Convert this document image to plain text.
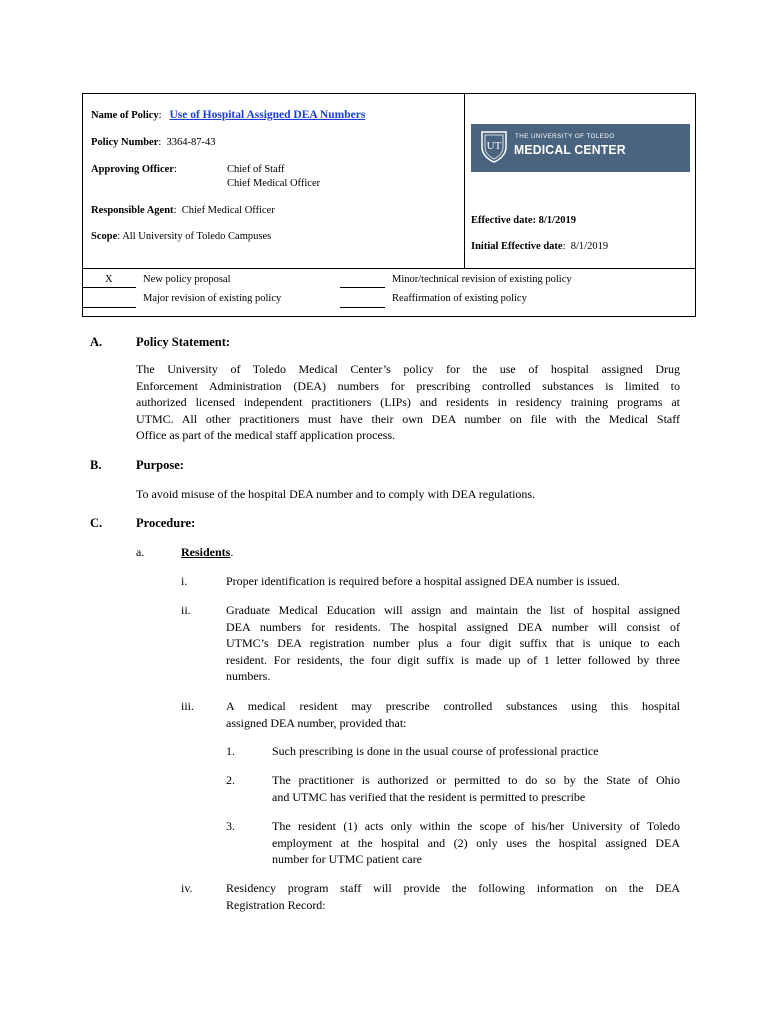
Name of Policy:   Use of Hospital Assigned DEA Numbers
Policy Number:  3364-87-43
Approving Officer:	Chief of Staff
Chief Medical Officer
Responsible Agent:  Chief Medical Officer
Scope: All University of Toledo Campuses
UT
THE UNIVERSITY OF TOLEDO
MEDICAL CENTER
Effective date: 8/1/2019
Initial Effective date:  8/1/2019
X	New policy proposal	Minor/technical revision of existing policy
Major revision of existing policy	Reaffirmation of existing policy
A.	Policy Statement:
The University of Toledo Medical Center’s policy for the use of hospital assigned Drug
Enforcement Administration (DEA) numbers for prescribing controlled substances is limited to
authorized licensed independent practitioners (LIPs) and residents in residency training programs at
UTMC. All other practitioners must have their own DEA number on file with the Medical Staff
Office as part of the medical staff application process.
B.	Purpose:
To avoid misuse of the hospital DEA number and to comply with DEA regulations.
C.	Procedure:
a.	Residents.
i.	Proper identification is required before a hospital assigned DEA number is issued.
ii.	Graduate Medical Education will assign and maintain the list of hospital assigned
DEA numbers for residents. The hospital assigned DEA number will consist of
UTMC’s DEA registration number plus a four digit suffix that is unique to each
resident. For residents, the four digit suffix is made up of 1 letter followed by three
numbers.
iii.	A medical resident may prescribe controlled substances using this hospital
assigned DEA number, provided that:
1.	Such prescribing is done in the usual course of professional practice
2.	The practitioner is authorized or permitted to do so by the State of Ohio
and UTMC has verified that the resident is permitted to prescribe
3.	The resident (1) acts only within the scope of his/her University of Toledo
employment at the hospital and (2) only uses the hospital assigned DEA
number for UTMC patient care
iv.	Residency program staff will provide the following information on the DEA
Registration Record:
